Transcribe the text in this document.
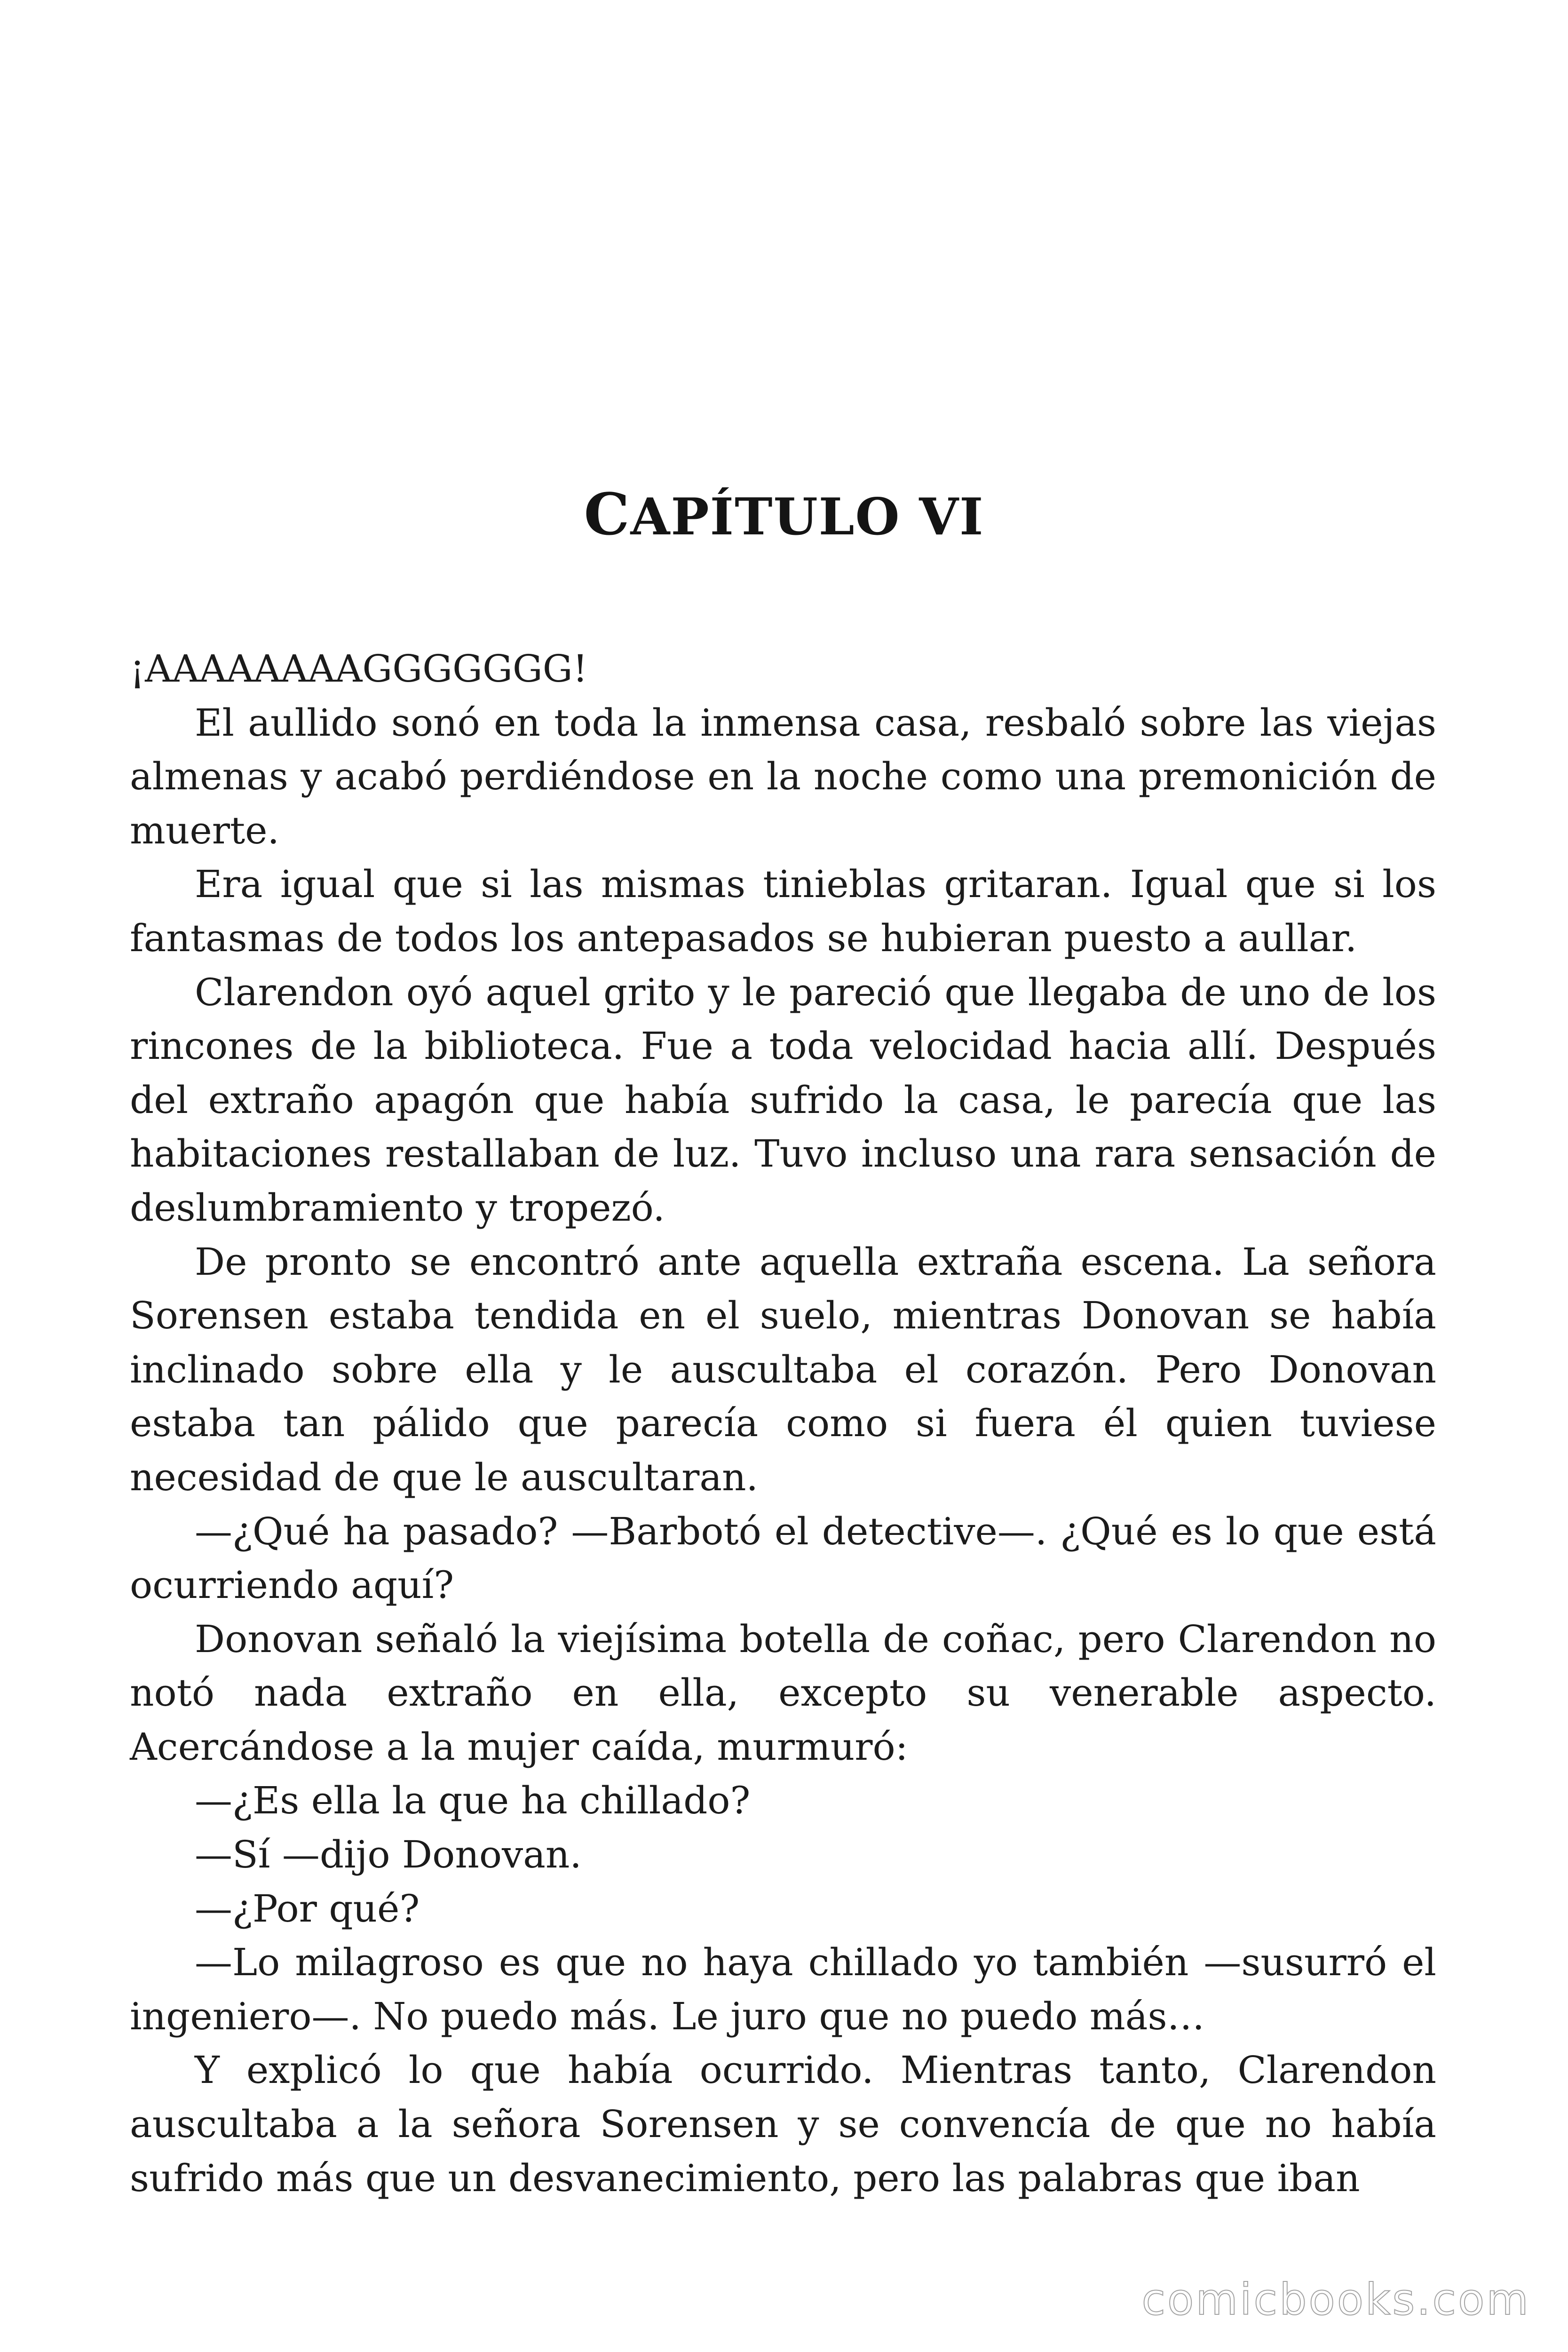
CAPÍTULO VI

¡AAAAAAAAGGGGGGG!

El aullido sonó en toda la inmensa casa, resbaló sobre las viejas almenas y acabó perdiéndose en la noche como una premonición de muerte.

Era igual que si las mismas tinieblas gritaran. Igual que si los fantasmas de todos los antepasados se hubieran puesto a aullar.

Clarendon oyó aquel grito y le pareció que llegaba de uno de los rincones de la biblioteca. Fue a toda velocidad hacia allí. Después del extraño apagón que había sufrido la casa, le parecía que las habitaciones restallaban de luz. Tuvo incluso una rara sensación de deslumbramiento y tropezó.

De pronto se encontró ante aquella extraña escena. La señora Sorensen estaba tendida en el suelo, mientras Donovan se había inclinado sobre ella y le auscultaba el corazón. Pero Donovan estaba tan pálido que parecía como si fuera él quien tuviese necesidad de que le auscultaran.

—¿Qué ha pasado? —Barbotó el detective—. ¿Qué es lo que está ocurriendo aquí?

Donovan señaló la viejísima botella de coñac, pero Clarendon no notó nada extraño en ella, excepto su venerable aspecto. Acercándose a la mujer caída, murmuró:

—¿Es ella la que ha chillado?

—Sí —dijo Donovan.

—¿Por qué?

—Lo milagroso es que no haya chillado yo también —susurró el ingeniero—. No puedo más. Le juro que no puedo más…

Y explicó lo que había ocurrido. Mientras tanto, Clarendon auscultaba a la señora Sorensen y se convencía de que no había sufrido más que un desvanecimiento, pero las palabras que iban

comicbooks.com
